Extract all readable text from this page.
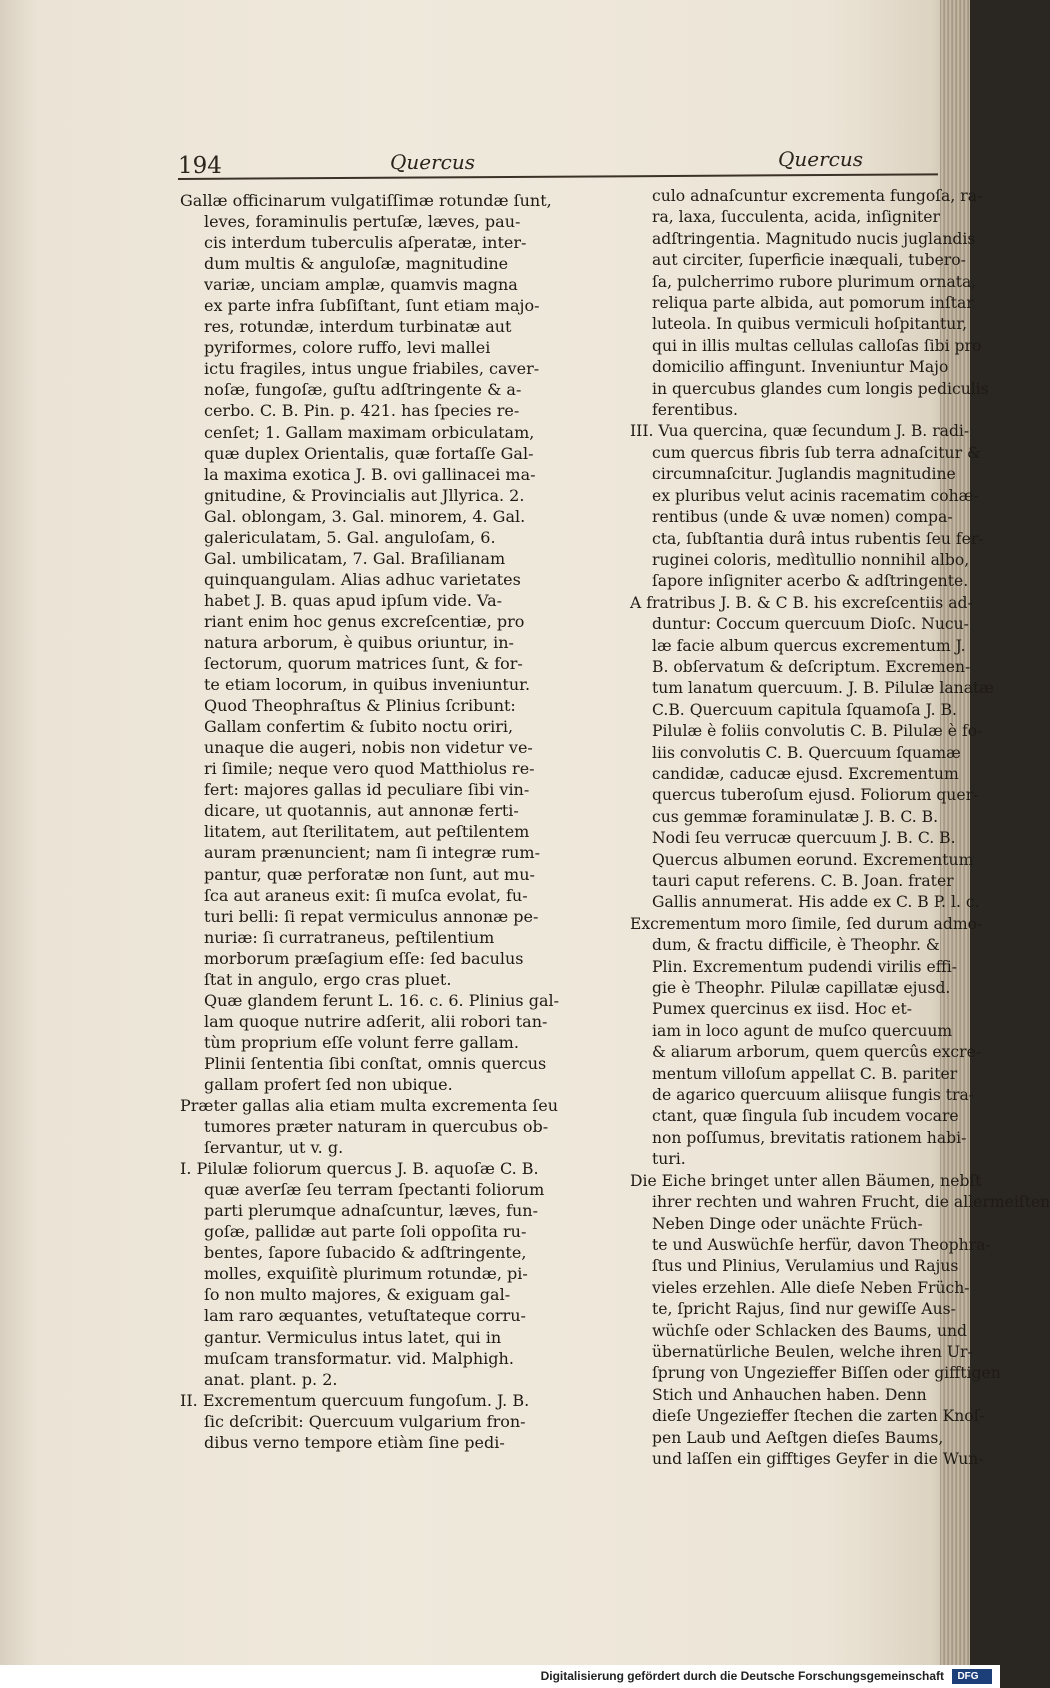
194	Quercus	Quercus
Gallæ officinarum vulgatiſſimæ rotundæ ſunt,
leves, foraminulis pertuſæ, læves, pau-
cis interdum tuberculis aſperatæ, inter-
dum multis & anguloſæ, magnitudine
variæ, unciam amplæ, quamvis magna
ex parte infra ſubſiſtant, ſunt etiam majo-
res, rotundæ, interdum turbinatæ aut
pyriformes, colore ruffo, levi mallei
ictu fragiles, intus ungue friabiles, caver-
noſæ, fungoſæ, guſtu adſtringente & a-
cerbo. C. B. Pin. p. 421. has ſpecies re-
cenſet; 1. Gallam maximam orbiculatam,
quæ duplex Orientalis, quæ fortaſſe Gal-
la maxima exotica J. B. ovi gallinacei ma-
gnitudine, & Provincialis aut Jllyrica. 2.
Gal. oblongam, 3. Gal. minorem, 4. Gal.
galericulatam, 5. Gal. anguloſam, 6.
Gal. umbilicatam, 7. Gal. Braſilianam
quinquangulam. Alias adhuc varietates
habet J. B. quas apud ipſum vide. Va-
riant enim hoc genus excreſcentiæ, pro
natura arborum, è quibus oriuntur, in-
ſectorum, quorum matrices ſunt, & for-
te etiam locorum, in quibus inveniuntur.
Quod Theophraſtus & Plinius ſcribunt:
Gallam confertim & ſubito noctu oriri,
unaque die augeri, nobis non videtur ve-
ri ſimile; neque vero quod Matthiolus re-
fert: majores gallas id peculiare ſibi vin-
dicare, ut quotannis, aut annonæ ferti-
litatem, aut ſterilitatem, aut peſtilentem
auram prænuncient; nam ſi integræ rum-
pantur, quæ perforatæ non ſunt, aut mu-
ſca aut araneus exit: ſi muſca evolat, fu-
turi belli: ſi repat vermiculus annonæ pe-
nuriæ: ſi curratraneus, peſtilentium
morborum præſagium eſſe: ſed baculus
ſtat in angulo, ergo cras pluet.
Quæ glandem ferunt L. 16. c. 6. Plinius gal-
lam quoque nutrire adſerit, alii robori tan-
tùm proprium eſſe volunt ferre gallam.
Plinii ſententia ſibi conſtat, omnis quercus
gallam profert ſed non ubique.
Præter gallas alia etiam multa excrementa ſeu
tumores præter naturam in quercubus ob-
ſervantur, ut v. g.
I. Pilulæ foliorum quercus J. B. aquoſæ C. B.
quæ averſæ ſeu terram ſpectanti foliorum
parti plerumque adnaſcuntur, læves, fun-
goſæ, pallidæ aut parte ſoli oppoſita ru-
bentes, ſapore ſubacido & adſtringente,
molles, exquiſitè plurimum rotundæ, pi-
ſo non multo majores, & exiguam gal-
lam raro æquantes, vetuſtateque corru-
gantur. Vermiculus intus latet, qui in
muſcam transformatur. vid. Malphigh.
anat. plant. p. 2.
II. Excrementum quercuum fungoſum. J. B.
ſic deſcribit: Quercuum vulgarium fron-
dibus verno tempore etiàm ſine pedi-
culo adnaſcuntur excrementa fungoſa, ra-
ra, laxa, ſucculenta, acida, inſigniter
adſtringentia. Magnitudo nucis juglandis
aut circiter, ſuperficie inæquali, tubero-
ſa, pulcherrimo rubore plurimum ornata,
reliqua parte albida, aut pomorum inſtar
luteola. In quibus vermiculi hoſpitantur,
qui in illis multas cellulas calloſas ſibi pro
domicilio affingunt. Inveniuntur Majo
in quercubus glandes cum longis pediculis
ferentibus.
III. Vua quercina, quæ ſecundum J. B. radi-
cum quercus fibris ſub terra adnaſcitur &
circumnaſcitur. Juglandis magnitudine
ex pluribus velut acinis racematim cohæ-
rentibus (unde & uvæ nomen) compa-
cta, ſubſtantia durâ intus rubentis ſeu fer-
ruginei coloris, medìtullio nonnihil albo,
ſapore inſigniter acerbo & adſtringente.
A fratribus J. B. & C B. his excreſcentiis ad-
duntur: Coccum quercuum Dioſc. Nucu-
læ facie album quercus excrementum J.
B. obſervatum & deſcriptum. Excremen-
tum lanatum quercuum. J. B. Pilulæ lanatæ
C.B. Quercuum capitula ſquamoſa J. B.
Pilulæ è foliis convolutis C. B. Pilulæ è fo-
liis convolutis C. B. Quercuum ſquamæ
candidæ, caducæ ejusd. Excrementum
quercus tuberoſum ejusd. Foliorum quer-
cus gemmæ foraminulatæ J. B. C. B.
Nodi ſeu verrucæ quercuum J. B. C. B.
Quercus albumen eorund. Excrementum
tauri caput referens. C. B. Joan. frater
Gallis annumerat. His adde ex C. B P. l. c.
Excrementum moro ſimile, ſed durum admo-
dum, & fractu difficile, è Theophr. &
Plin. Excrementum pudendi virilis effi-
gie è Theophr. Pilulæ capillatæ ejusd.
Pumex quercinus ex iisd. Hoc et-
iam in loco agunt de muſco quercuum
& aliarum arborum, quem quercûs excre-
mentum villoſum appellat C. B. pariter
de agarico quercuum aliisque fungis tra-
ctant, quæ ſingula ſub incudem vocare
non poſſumus, brevitatis rationem habi-
turi.
Die Eiche bringet unter allen Bäumen, nebſt
ihrer rechten und wahren Frucht, die allermeiſten
Neben Dinge oder unächte Früch-
te und Auswüchſe herfür, davon Theophra-
ſtus und Plinius, Verulamius und Rajus
vieles erzehlen. Alle dieſe Neben Früch-
te, ſpricht Rajus, ſind nur gewiſſe Aus-
wüchſe oder Schlacken des Baums, und
übernatürliche Beulen, welche ihren Ur-
ſprung von Ungezieffer Biſſen oder gifftigen
Stich und Anhauchen haben. Denn
dieſe Ungezieffer ſtechen die zarten Knoſ-
pen Laub und Aeſtgen dieſes Baums,
und laſſen ein gifftiges Geyfer in die Wun-
Digitalisierung gefördert durch die Deutsche Forschungsgemeinschaft DFG
